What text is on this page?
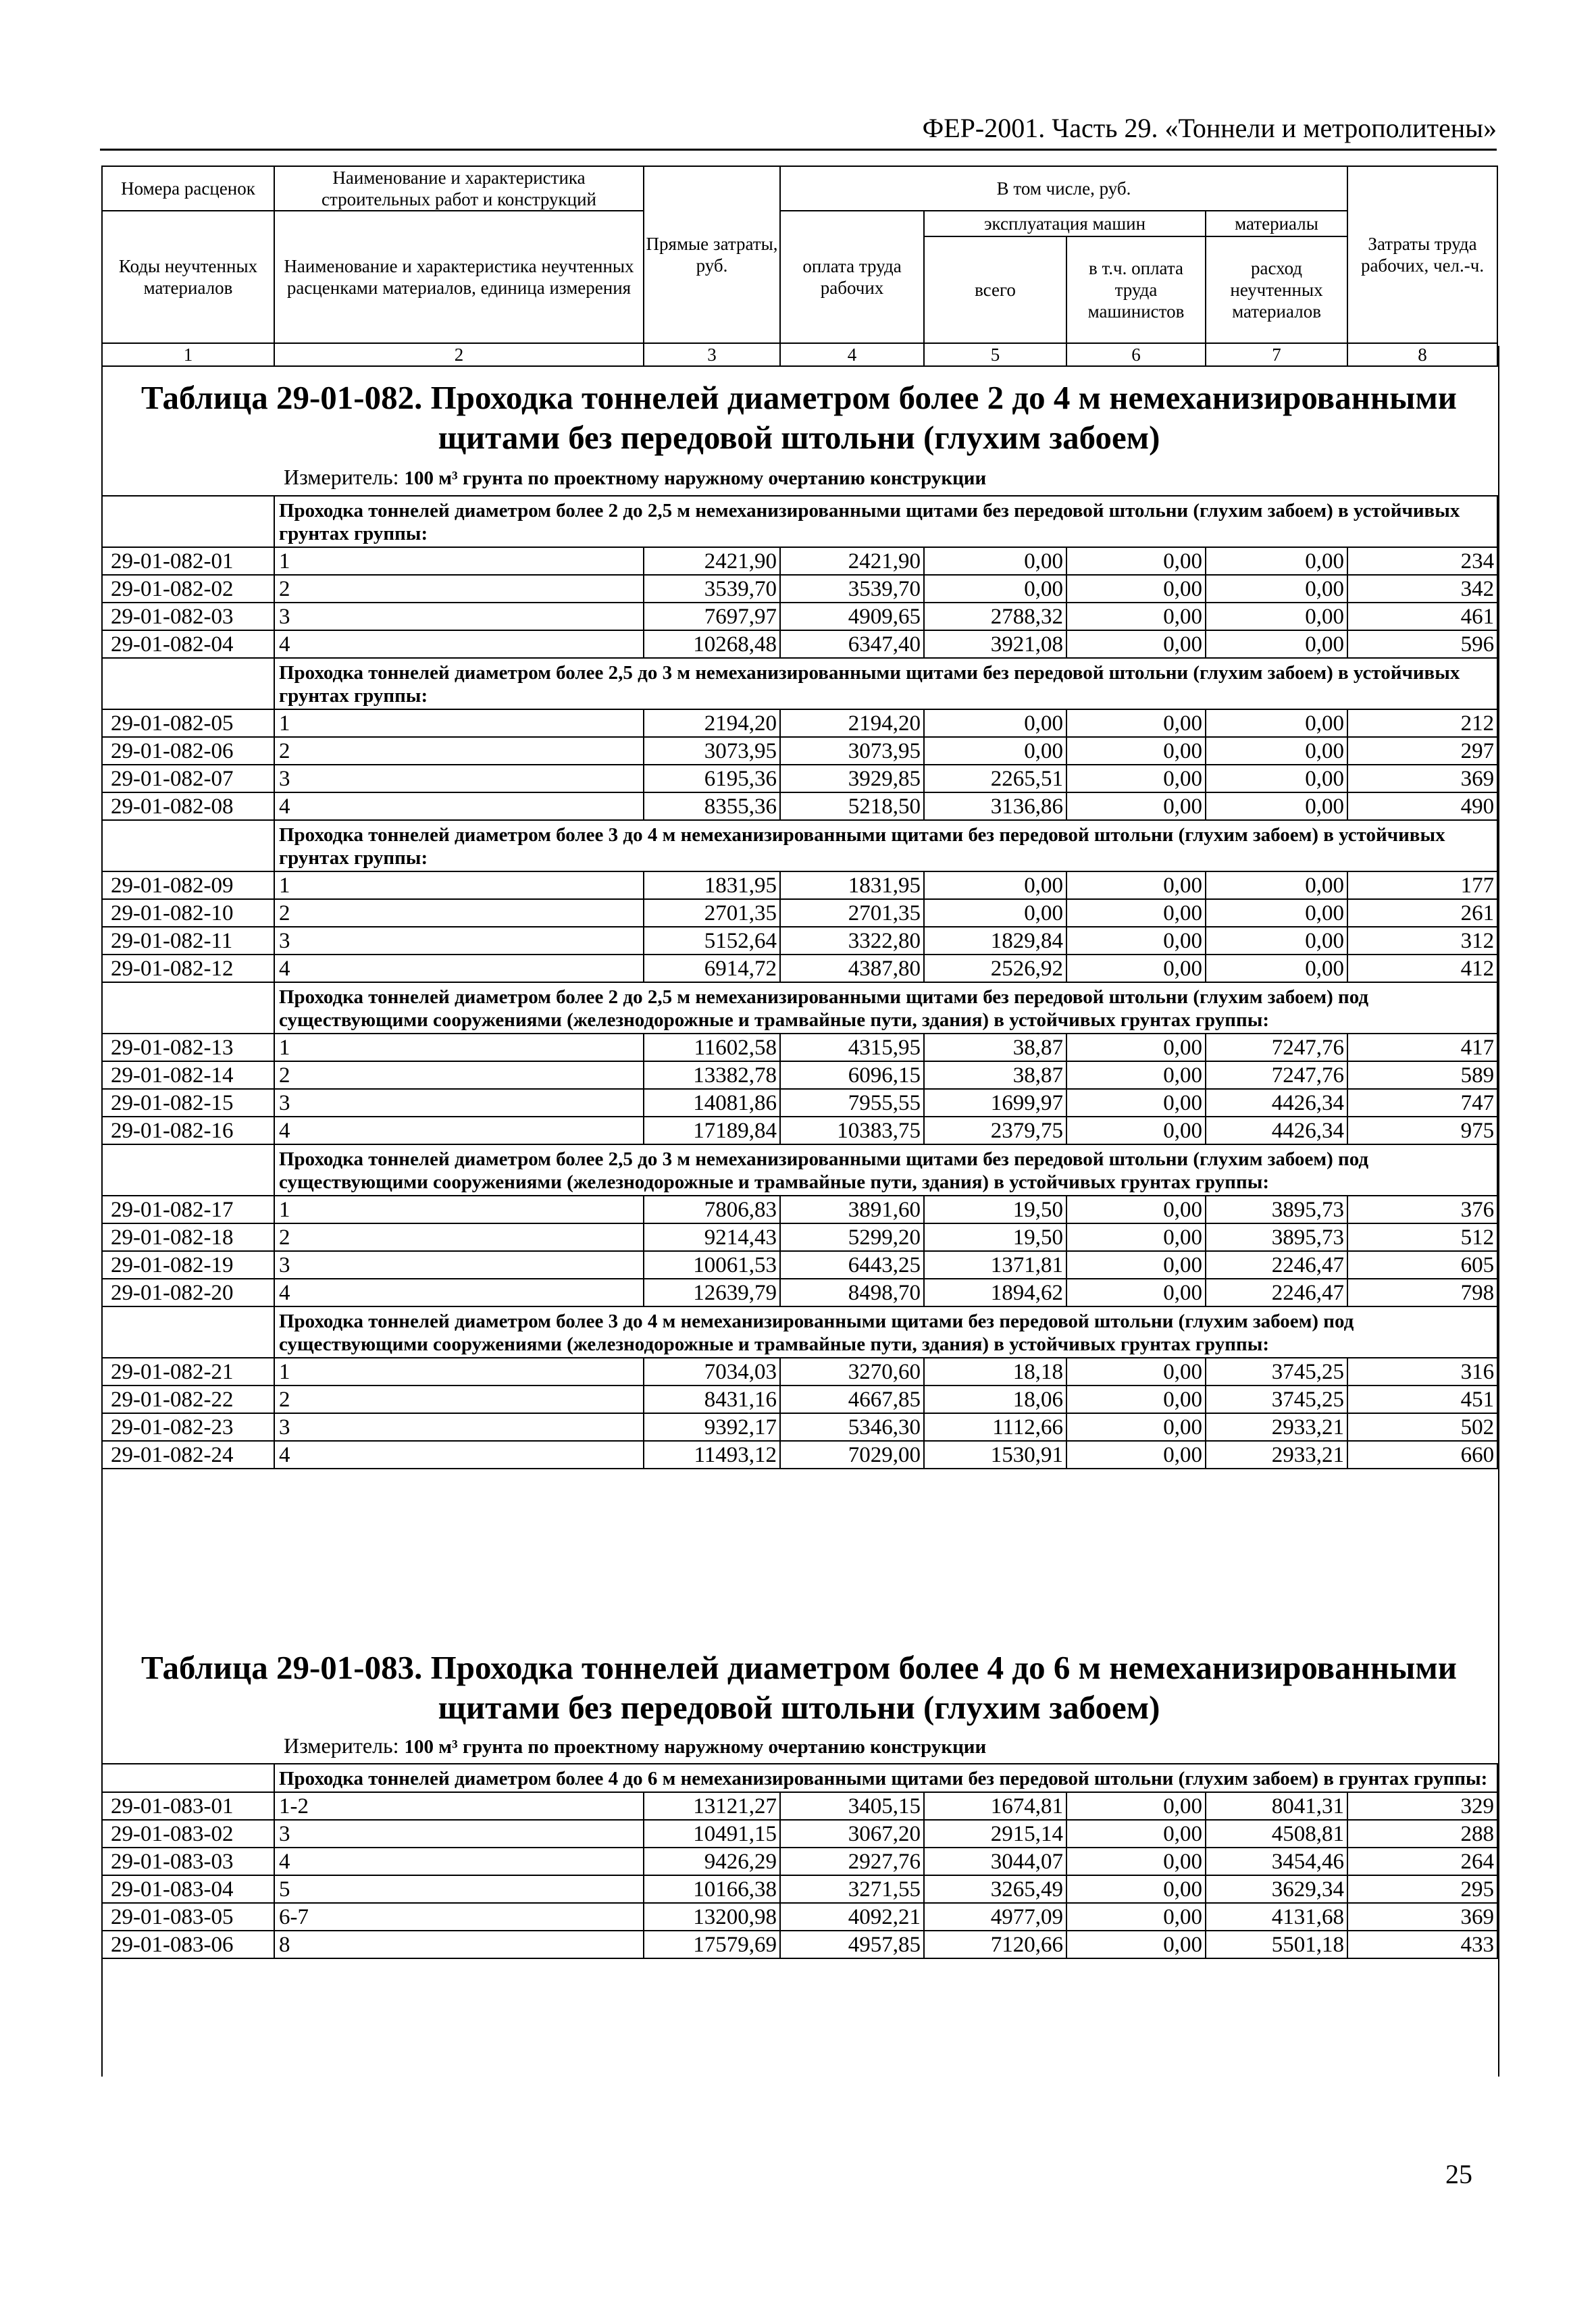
ФЕР-2001. Часть 29. «Тоннели и метрополитены»
Номера расценок	Наименование и характеристика строительных работ и конструкций	Прямые затраты, руб.	В том числе, руб.				Затраты труда рабочих, чел.-ч.
Коды неучтенных материалов	Наименование и характеристика неучтенных расценками материалов, единица измерения		оплата труда рабочих	эксплуатация машин		материалы	
				всего	в т.ч. оплата труда машинистов	расход неучтенных материалов	
1	2	3	4	5	6	7	8
Таблица 29-01-082. Проходка тоннелей диаметром более 2 до 4 м немеханизированными
щитами без передовой штольни (глухим забоем)
Измеритель: 100 м³ грунта по проектному наружному очертанию конструкции
	Проходка тоннелей диаметром более 2 до 2,5 м немеханизированными щитами без передовой штольни (глухим забоем) в устойчивых грунтах группы:						
29-01-082-01	1	2421,90	2421,90	0,00	0,00	0,00	234
29-01-082-02	2	3539,70	3539,70	0,00	0,00	0,00	342
29-01-082-03	3	7697,97	4909,65	2788,32	0,00	0,00	461
29-01-082-04	4	10268,48	6347,40	3921,08	0,00	0,00	596
	Проходка тоннелей диаметром более 2,5 до 3 м немеханизированными щитами без передовой штольни (глухим забоем) в устойчивых грунтах группы:						
29-01-082-05	1	2194,20	2194,20	0,00	0,00	0,00	212
29-01-082-06	2	3073,95	3073,95	0,00	0,00	0,00	297
29-01-082-07	3	6195,36	3929,85	2265,51	0,00	0,00	369
29-01-082-08	4	8355,36	5218,50	3136,86	0,00	0,00	490
	Проходка тоннелей диаметром более 3 до 4 м немеханизированными щитами без передовой штольни (глухим забоем) в устойчивых грунтах группы:						
29-01-082-09	1	1831,95	1831,95	0,00	0,00	0,00	177
29-01-082-10	2	2701,35	2701,35	0,00	0,00	0,00	261
29-01-082-11	3	5152,64	3322,80	1829,84	0,00	0,00	312
29-01-082-12	4	6914,72	4387,80	2526,92	0,00	0,00	412
	Проходка тоннелей диаметром более 2 до 2,5 м немеханизированными щитами без передовой штольни (глухим забоем) под существующими сооружениями (железнодорожные и трамвайные пути, здания) в устойчивых грунтах группы:						
29-01-082-13	1	11602,58	4315,95	38,87	0,00	7247,76	417
29-01-082-14	2	13382,78	6096,15	38,87	0,00	7247,76	589
29-01-082-15	3	14081,86	7955,55	1699,97	0,00	4426,34	747
29-01-082-16	4	17189,84	10383,75	2379,75	0,00	4426,34	975
	Проходка тоннелей диаметром более 2,5 до 3 м немеханизированными щитами без передовой штольни (глухим забоем) под существующими сооружениями (железнодорожные и трамвайные пути, здания) в устойчивых грунтах группы:						
29-01-082-17	1	7806,83	3891,60	19,50	0,00	3895,73	376
29-01-082-18	2	9214,43	5299,20	19,50	0,00	3895,73	512
29-01-082-19	3	10061,53	6443,25	1371,81	0,00	2246,47	605
29-01-082-20	4	12639,79	8498,70	1894,62	0,00	2246,47	798
	Проходка тоннелей диаметром более 3 до 4 м немеханизированными щитами без передовой штольни (глухим забоем) под существующими сооружениями (железнодорожные и трамвайные пути, здания) в устойчивых грунтах группы:						
29-01-082-21	1	7034,03	3270,60	18,18	0,00	3745,25	316
29-01-082-22	2	8431,16	4667,85	18,06	0,00	3745,25	451
29-01-082-23	3	9392,17	5346,30	1112,66	0,00	2933,21	502
29-01-082-24	4	11493,12	7029,00	1530,91	0,00	2933,21	660
Таблица 29-01-083. Проходка тоннелей диаметром более 4 до 6 м немеханизированными
щитами без передовой штольни (глухим забоем)
Измеритель: 100 м³ грунта по проектному наружному очертанию конструкции
	Проходка тоннелей диаметром более 4 до 6 м немеханизированными щитами без передовой штольни (глухим забоем) в грунтах группы:						
29-01-083-01	1-2	13121,27	3405,15	1674,81	0,00	8041,31	329
29-01-083-02	3	10491,15	3067,20	2915,14	0,00	4508,81	288
29-01-083-03	4	9426,29	2927,76	3044,07	0,00	3454,46	264
29-01-083-04	5	10166,38	3271,55	3265,49	0,00	3629,34	295
29-01-083-05	6-7	13200,98	4092,21	4977,09	0,00	4131,68	369
29-01-083-06	8	17579,69	4957,85	7120,66	0,00	5501,18	433
25
